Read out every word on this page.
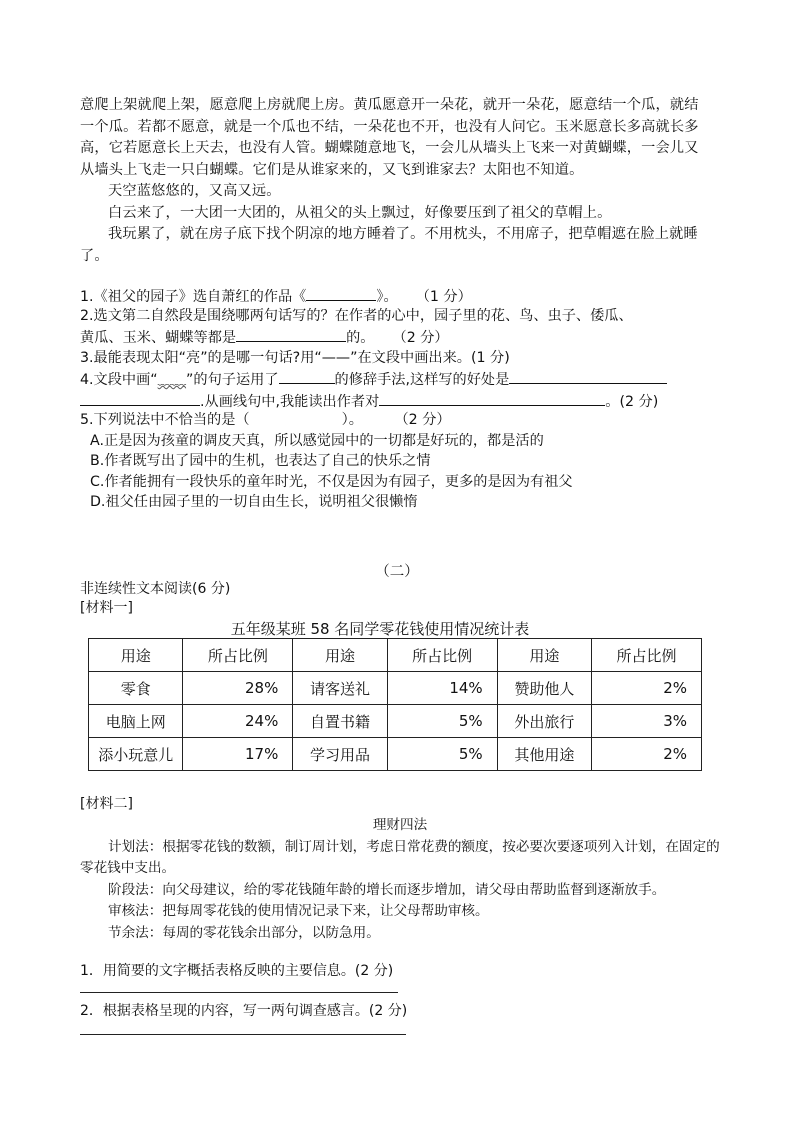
意爬上架就爬上架，愿意爬上房就爬上房。黄瓜愿意开一朵花，就开一朵花，愿意结一个瓜，就结一个瓜。若都不愿意，就是一个瓜也不结，一朵花也不开，也没有人问它。玉米愿意长多高就长多高，它若愿意长上天去，也没有人管。蝴蝶随意地飞，一会儿从墙头上飞来一对黄蝴蝶，一会儿又从墙头上飞走一只白蝴蝶。它们是从谁家来的，又飞到谁家去？太阳也不知道。

天空蓝悠悠的，又高又远。

白云来了，一大团一大团的，从祖父的头上飘过，好像要压到了祖父的草帽上。

我玩累了，就在房子底下找个阴凉的地方睡着了。不用枕头，不用席子，把草帽遮在脸上就睡了。

1.《祖父的园子》选自萧红的作品《	》。 （1 分）

2.选文第二自然段是围绕哪两句话写的？在作者的心中，园子里的花、鸟、虫子、倭瓜、

黄瓜、玉米、蝴蝶等都是	的。 （2 分）

3.最能表现太阳“亮”的是哪一句话?用“——”在文段中画出来。(1 分)

4.文段中画“﹏﹏”的句子运用了	的修辞手法,这样写的好处是

.从画线句中,我能读出作者对	。(2 分)

5.下列说法中不恰当的是（	）。 （2 分）

A.正是因为孩童的调皮天真，所以感觉园中的一切都是好玩的，都是活的

B.作者既写出了园中的生机，也表达了自己的快乐之情

C.作者能拥有一段快乐的童年时光，不仅是因为有园子，更多的是因为有祖父

D.祖父任由园子里的一切自由生长，说明祖父很懒惰

（二）
非连续性文本阅读(6 分)
[材料一]
五年级某班 58 名同学零花钱使用情况统计表
用途	所占比例	用途	所占比例	用途	所占比例
零食	28%	请客送礼	14%	赞助他人	2%
电脑上网	24%	自置书籍	5%	外出旅行	3%
添小玩意儿	17%	学习用品	5%	其他用途	2%
[材料二]

理财四法

计划法：根据零花钱的数额，制订周计划，考虑日常花费的额度，按必要次要逐项列入计划，在固定的零花钱中支出。

阶段法：向父母建议，给的零花钱随年龄的增长而逐步增加，请父母由帮助监督到逐渐放手。

审核法：把每周零花钱的使用情况记录下来，让父母帮助审核。

节余法：每周的零花钱余出部分，以防急用。

1．用简要的文字概括表格反映的主要信息。(2 分)
2．根据表格呈现的内容，写一两句调查感言。(2 分)
